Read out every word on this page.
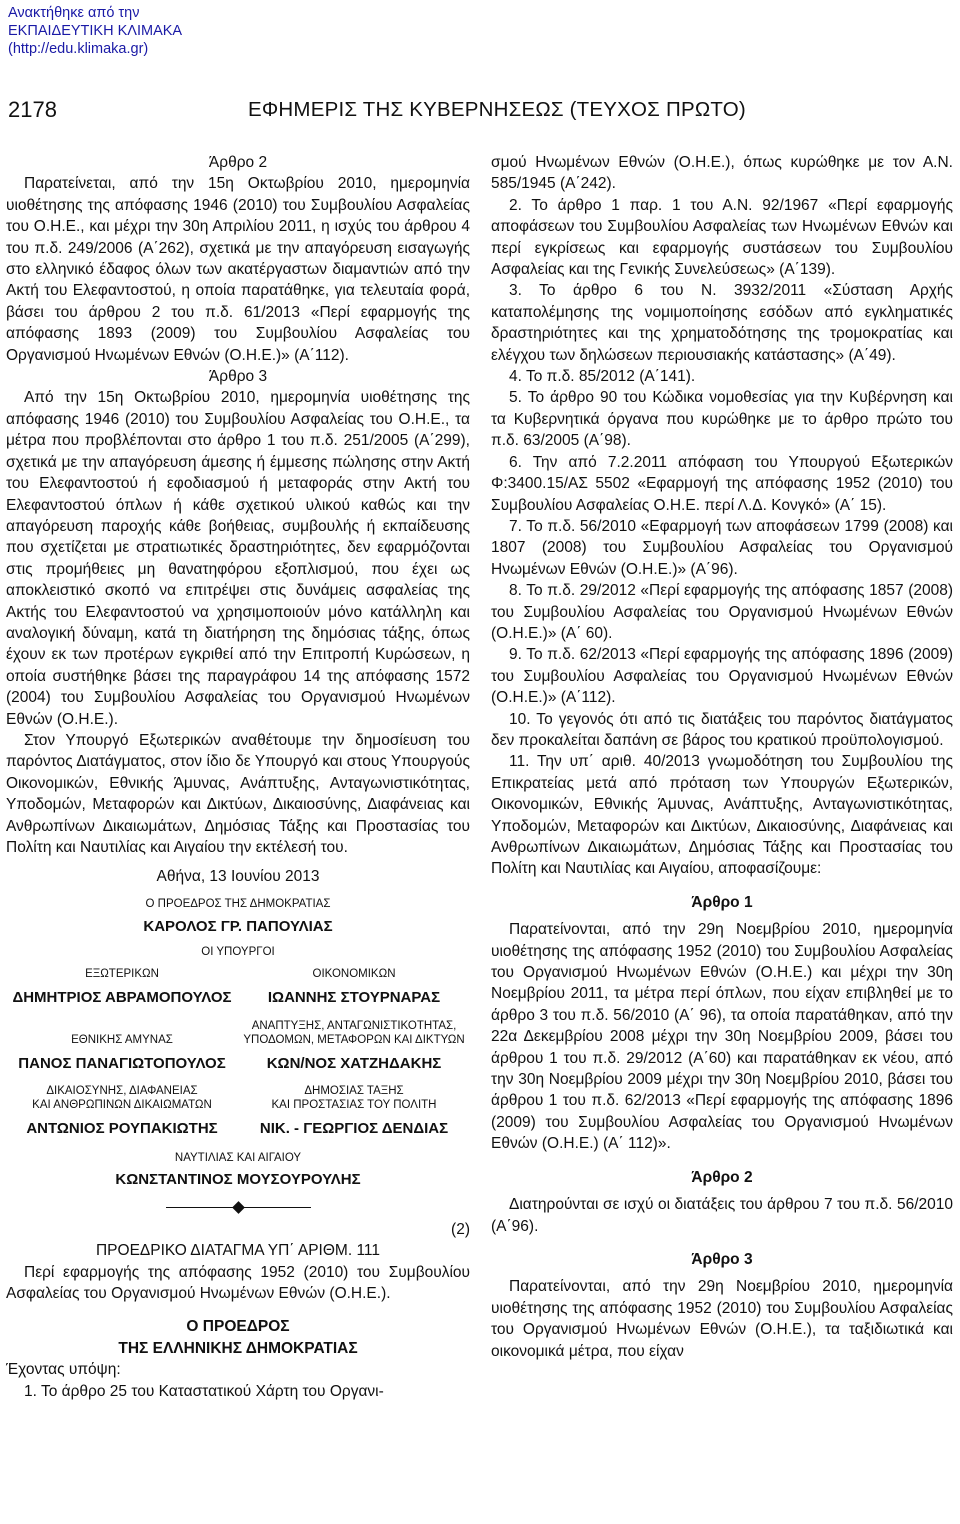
Ανακτήθηκε από την
ΕΚΠΑΙΔΕΥΤΙΚΗ ΚΛΙΜΑΚΑ
(http://edu.klimaka.gr)
2178	ΕΦΗΜΕΡΙΣ ΤΗΣ ΚΥΒΕΡΝΗΣΕΩΣ (ΤΕΥΧΟΣ ΠΡΩΤΟ)

Άρθρο 2

Παρατείνεται, από την 15η Οκτωβρίου 2010, ημερομηνία υιοθέτησης της απόφασης 1946 (2010) του Συμβουλίου Ασφαλείας του Ο.Η.Ε., και μέχρι την 30η Απριλίου 2011, η ισχύς του άρθρου 4 του π.δ. 249/2006 (Α΄262), σχετικά με την απαγόρευση εισαγωγής στο ελληνικό έδαφος όλων των ακατέργαστων διαμαντιών από την Ακτή του Ελεφαντοστού, η οποία παρατάθηκε, για τελευταία φορά, βάσει του άρθρου 2 του π.δ. 61/2013 «Περί εφαρμογής της απόφασης 1893 (2009) του Συμβουλίου Ασφαλείας του Οργανισμού Ηνωμένων Εθνών (Ο.Η.Ε.)» (Α΄112).

Άρθρο 3

Από την 15η Οκτωβρίου 2010, ημερομηνία υιοθέτησης της απόφασης 1946 (2010) του Συμβουλίου Ασφαλείας του Ο.Η.Ε., τα μέτρα που προβλέπονται στο άρθρο 1 του π.δ. 251/2005 (Α΄299), σχετικά με την απαγόρευση άμεσης ή έμμεσης πώλησης στην Ακτή του Ελεφαντοστού ή εφοδιασμού ή μεταφοράς στην Ακτή του Ελεφαντοστού όπλων ή κάθε σχετικού υλικού καθώς και την απαγόρευση παροχής κάθε βοήθειας, συμβουλής ή εκπαίδευσης που σχετίζεται με στρατιωτικές δραστηριότητες, δεν εφαρμόζονται στις προμήθειες μη θανατηφόρου εξοπλισμού, που έχει ως αποκλειστικό σκοπό να επιτρέψει στις δυνάμεις ασφαλείας της Ακτής του Ελεφαντοστού να χρησιμοποιούν μόνο κατάλληλη και αναλογική δύναμη, κατά τη διατήρηση της δημόσιας τάξης, όπως έχουν εκ των προτέρων εγκριθεί από την Επιτροπή Κυρώσεων, η οποία συστήθηκε βάσει της παραγράφου 14 της απόφασης 1572 (2004) του Συμβουλίου Ασφαλείας του Οργανισμού Ηνωμένων Εθνών (Ο.Η.Ε.).

Στον Υπουργό Εξωτερικών αναθέτουμε την δημοσίευση του παρόντος Διατάγματος, στον ίδιο δε Υπουργό και στους Υπουργούς Οικονομικών, Εθνικής Άμυνας, Ανάπτυξης, Ανταγωνιστικότητας, Υποδομών, Μεταφορών και Δικτύων, Δικαιοσύνης, Διαφάνειας και Ανθρωπίνων Δικαιωμάτων, Δημόσιας Τάξης και Προστασίας του Πολίτη και Ναυτιλίας και Αιγαίου την εκτέλεσή του.

Αθήνα, 13 Ιουνίου 2013

Ο ΠΡΟΕΔΡΟΣ ΤΗΣ ΔΗΜΟΚΡΑΤΙΑΣ

ΚΑΡΟΛΟΣ ΓΡ. ΠΑΠΟΥΛΙΑΣ

ΟΙ ΥΠΟΥΡΓΟΙ

ΕΞΩΤΕΡΙΚΩΝ
ΔΗΜΗΤΡΙΟΣ ΑΒΡΑΜΟΠΟΥΛΟΣ
ΟΙΚΟΝΟΜΙΚΩΝ
ΙΩΑΝΝΗΣ ΣΤΟΥΡΝΑΡΑΣ
ΕΘΝΙΚΗΣ ΑΜΥΝΑΣ
ΠΑΝΟΣ ΠΑΝΑΓΙΩΤΟΠΟΥΛΟΣ
ΑΝΑΠΤΥΞΗΣ, ΑΝΤΑΓΩΝΙΣΤΙΚΟΤΗΤΑΣ,
ΥΠΟΔΟΜΩΝ, ΜΕΤΑΦΟΡΩΝ ΚΑΙ ΔΙΚΤΥΩΝ
ΚΩΝ/ΝΟΣ ΧΑΤΖΗΔΑΚΗΣ
ΔΙΚΑΙΟΣΥΝΗΣ, ΔΙΑΦΑΝΕΙΑΣ
ΚΑΙ ΑΝΘΡΩΠΙΝΩΝ ΔΙΚΑΙΩΜΑΤΩΝ
ΑΝΤΩΝΙΟΣ ΡΟΥΠΑΚΙΩΤΗΣ
ΔΗΜΟΣΙΑΣ ΤΑΞΗΣ
ΚΑΙ ΠΡΟΣΤΑΣΙΑΣ ΤΟΥ ΠΟΛΙΤΗ
ΝΙΚ. - ΓΕΩΡΓΙΟΣ ΔΕΝΔΙΑΣ

ΝΑΥΤΙΛΙΑΣ ΚΑΙ ΑΙΓΑΙΟΥ

ΚΩΝΣΤΑΝΤΙΝΟΣ ΜΟΥΣΟΥΡΟΥΛΗΣ

(2)

ΠΡΟΕΔΡΙΚΟ ΔΙΑΤΑΓΜΑ ΥΠ΄ ΑΡΙΘΜ. 111

Περί εφαρμογής της απόφασης 1952 (2010) του Συμβουλίου Ασφαλείας του Οργανισμού Ηνωμένων Εθνών (Ο.Η.Ε.).

Ο ΠΡΟΕΔΡΟΣ

ΤΗΣ ΕΛΛΗΝΙΚΗΣ ΔΗΜΟΚΡΑΤΙΑΣ

Έχοντας υπόψη:

1. Το άρθρο 25 του Καταστατικού Χάρτη του Οργανι-

σμού Ηνωμένων Εθνών (Ο.Η.Ε.), όπως κυρώθηκε με τον Α.Ν. 585/1945 (Α΄242).

2. Το άρθρο 1 παρ. 1 του Α.Ν. 92/1967 «Περί εφαρμογής αποφάσεων του Συμβουλίου Ασφαλείας των Ηνωμένων Εθνών και περί εγκρίσεως και εφαρμογής συστάσεων του Συμβουλίου Ασφαλείας και της Γενικής Συνελεύσεως» (Α΄139).

3. Το άρθρο 6 του Ν. 3932/2011 «Σύσταση Αρχής καταπολέμησης της νομιμοποίησης εσόδων από εγκληματικές δραστηριότητες και της χρηματοδότησης της τρομοκρατίας και ελέγχου των δηλώσεων περιουσιακής κατάστασης» (Α΄49).

4. Το π.δ. 85/2012 (Α΄141).

5. Το άρθρο 90 του Κώδικα νομοθεσίας για την Κυβέρνηση και τα Κυβερνητικά όργανα που κυρώθηκε με το άρθρο πρώτο του π.δ. 63/2005 (Α΄98).

6. Την από 7.2.2011 απόφαση του Υπουργού Εξωτερικών Φ:3400.15/ΑΣ 5502 «Εφαρμογή της απόφασης 1952 (2010) του Συμβουλίου Ασφαλείας Ο.Η.Ε. περί Λ.Δ. Κονγκό» (Α΄ 15).

7. Το π.δ. 56/2010 «Εφαρμογή των αποφάσεων 1799 (2008) και 1807 (2008) του Συμβουλίου Ασφαλείας του Οργανισμού Ηνωμένων Εθνών (Ο.Η.Ε.)» (Α΄96).

8. Το π.δ. 29/2012 «Περί εφαρμογής της απόφασης 1857 (2008) του Συμβουλίου Ασφαλείας του Οργανισμού Ηνωμένων Εθνών (Ο.Η.Ε.)» (Α΄ 60).

9. Το π.δ. 62/2013 «Περί εφαρμογής της απόφασης 1896 (2009) του Συμβουλίου Ασφαλείας του Οργανισμού Ηνωμένων Εθνών (Ο.Η.Ε.)» (Α΄112).

10. Το γεγονός ότι από τις διατάξεις του παρόντος διατάγματος δεν προκαλείται δαπάνη σε βάρος του κρατικού προϋπολογισμού.

11. Την υπ΄ αριθ. 40/2013 γνωμοδότηση του Συμβουλίου της Επικρατείας μετά από πρόταση των Υπουργών Εξωτερικών, Οικονομικών, Εθνικής Άμυνας, Ανάπτυξης, Ανταγωνιστικότητας, Υποδομών, Μεταφορών και Δικτύων, Δικαιοσύνης, Διαφάνειας και Ανθρωπίνων Δικαιωμάτων, Δημόσιας Τάξης και Προστασίας του Πολίτη και Ναυτιλίας και Αιγαίου, αποφασίζουμε:

Άρθρο 1

Παρατείνονται, από την 29η Νοεμβρίου 2010, ημερομηνία υιοθέτησης της απόφασης 1952 (2010) του Συμβουλίου Ασφαλείας του Οργανισμού Ηνωμένων Εθνών (Ο.Η.Ε.) και μέχρι την 30η Νοεμβρίου 2011, τα μέτρα περί όπλων, που είχαν επιβληθεί με το άρθρο 3 του π.δ. 56/2010 (Α΄ 96), τα οποία παρατάθηκαν, από την 22α Δεκεμβρίου 2008 μέχρι την 30η Νοεμβρίου 2009, βάσει του άρθρου 1 του π.δ. 29/2012 (Α΄60) και παρατάθηκαν εκ νέου, από την 30η Νοεμβρίου 2009 μέχρι την 30η Νοεμβρίου 2010, βάσει του άρθρου 1 του π.δ. 62/2013 «Περί εφαρμογής της απόφασης 1896 (2009) του Συμβουλίου Ασφαλείας του Οργανισμού Ηνωμένων Εθνών (Ο.Η.Ε.) (Α΄ 112)».

Άρθρο 2

Διατηρούνται σε ισχύ οι διατάξεις του άρθρου 7 του π.δ. 56/2010 (Α΄96).

Άρθρο 3

Παρατείνονται, από την 29η Νοεμβρίου 2010, ημερομηνία υιοθέτησης της απόφασης 1952 (2010) του Συμβουλίου Ασφαλείας του Οργανισμού Ηνωμένων Εθνών (Ο.Η.Ε.), τα ταξιδιωτικά και οικονομικά μέτρα, που είχαν
